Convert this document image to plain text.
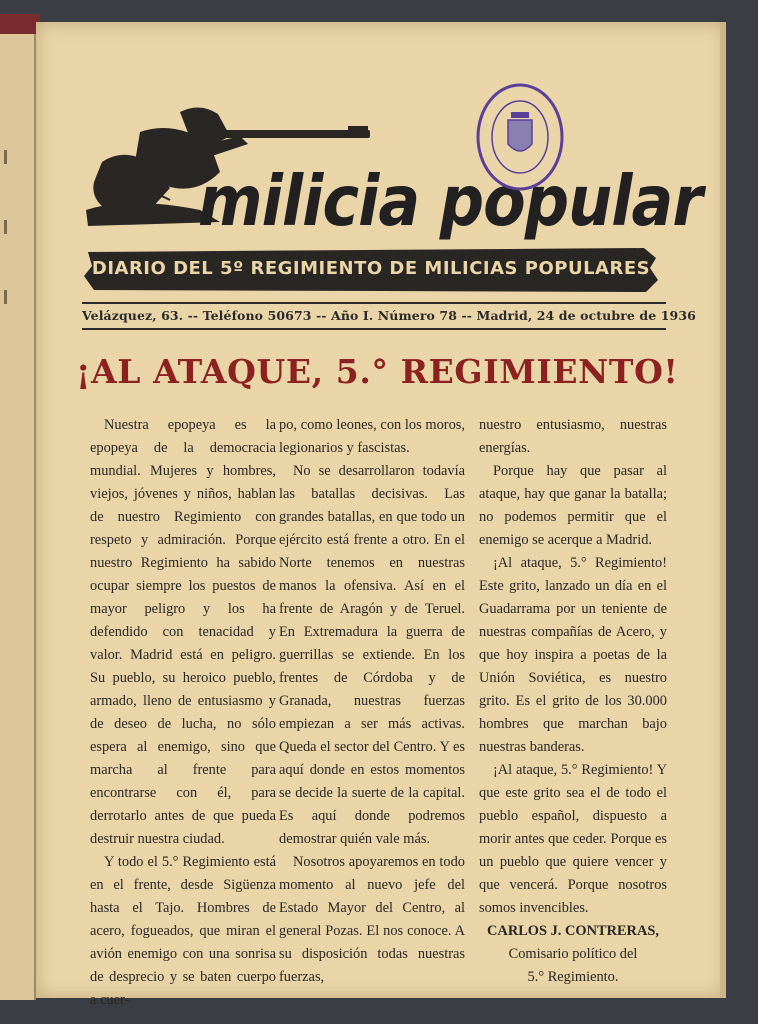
milicia popular
DIARIO DEL 5º REGIMIENTO DE MILICIAS POPULARES
Velázquez, 63. -- Teléfono 50673 -- Año I. Número 78 -- Madrid, 24 de octubre de 1936
¡AL ATAQUE, 5.° REGIMIENTO!

Nuestra epopeya es la epopeya de la democracia mundial. Mujeres y hombres, viejos, jóvenes y niños, hablan de nuestro Regimiento con respeto y admiración. Porque nuestro Regimiento ha sabido ocupar siempre los puestos de mayor peligro y los ha defendido con tenacidad y valor. Madrid está en peligro. Su pueblo, su heroico pueblo, armado, lleno de entusiasmo y de deseo de lucha, no sólo espera al enemigo, sino que marcha al frente para encontrarse con él, para derrotarlo antes de que pueda destruir nuestra ciudad.

Y todo el 5.° Regimiento está en el frente, desde Sigüenza hasta el Tajo. Hombres de acero, fogueados, que miran el avión enemigo con una sonrisa de desprecio y se baten cuerpo a cuer-

po, como leones, con los moros, legionarios y fascistas.

No se desarrollaron todavía las batallas decisivas. Las grandes batallas, en que todo un ejército está frente a otro. En el Norte tenemos en nuestras manos la ofensiva. Así en el frente de Aragón y de Teruel. En Extremadura la guerra de guerrillas se extiende. En los frentes de Córdoba y de Granada, nuestras fuerzas empiezan a ser más activas. Queda el sector del Centro. Y es aquí donde en estos momentos se decide la suerte de la capital. Es aquí donde podremos demostrar quién vale más.

Nosotros apoyaremos en todo momento al nuevo jefe del Estado Mayor del Centro, al general Pozas. El nos conoce. A su disposición todas nuestras fuerzas,

nuestro entusiasmo, nuestras energías.

Porque hay que pasar al ataque, hay que ganar la batalla; no podemos permitir que el enemigo se acerque a Madrid.

¡Al ataque, 5.° Regimiento! Este grito, lanzado un día en el Guadarrama por un teniente de nuestras compañías de Acero, y que hoy inspira a poetas de la Unión Soviética, es nuestro grito. Es el grito de los 30.000 hombres que marchan bajo nuestras banderas.

¡Al ataque, 5.° Regimiento! Y que este grito sea el de todo el pueblo español, dispuesto a morir antes que ceder. Porque es un pueblo que quiere vencer y que vencerá. Porque nosotros somos invencibles.

CARLOS J. CONTRERAS,
Comisario político del
5.° Regimiento.
